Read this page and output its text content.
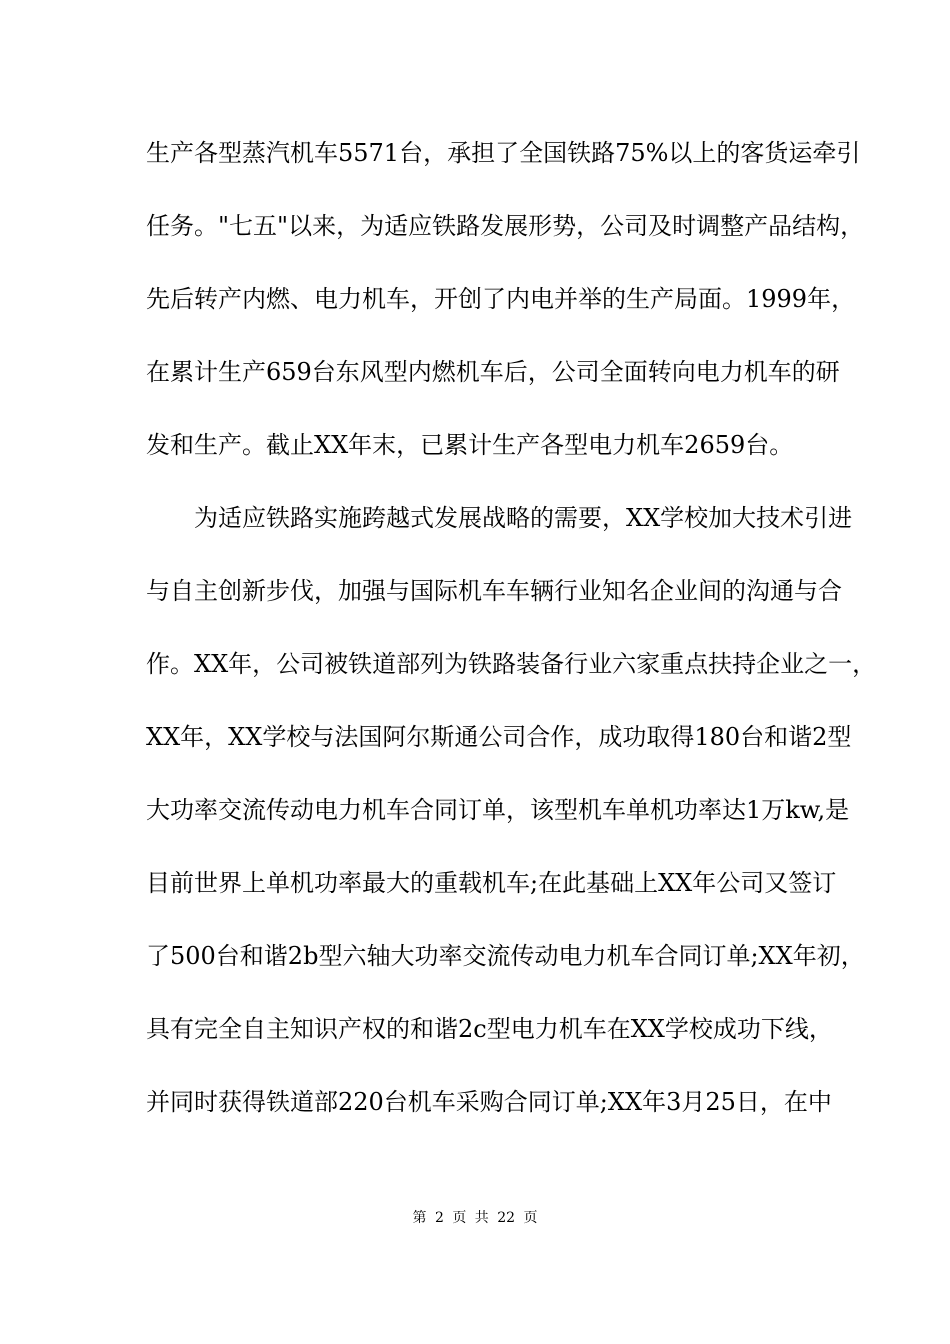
生产各型蒸汽机车5571台，承担了全国铁路75%以上的客货运牵引
任务。"七五"以来，为适应铁路发展形势，公司及时调整产品结构，
先后转产内燃、电力机车，开创了内电并举的生产局面。1999年，
在累计生产659台东风型内燃机车后，公司全面转向电力机车的研
发和生产。截止XX年末，已累计生产各型电力机车2659台。
为适应铁路实施跨越式发展战略的需要，XX学校加大技术引进
与自主创新步伐，加强与国际机车车辆行业知名企业间的沟通与合
作。XX年，公司被铁道部列为铁路装备行业六家重点扶持企业之一，
XX年，XX学校与法国阿尔斯通公司合作，成功取得180台和谐2型
大功率交流传动电力机车合同订单，该型机车单机功率达1万kw,是
目前世界上单机功率最大的重载机车;在此基础上XX年公司又签订
了500台和谐2b型六轴大功率交流传动电力机车合同订单;XX年初，
具有完全自主知识产权的和谐2c型电力机车在XX学校成功下线，
并同时获得铁道部220台机车采购合同订单;XX年3月25日，在中
第 2 页 共 22 页
